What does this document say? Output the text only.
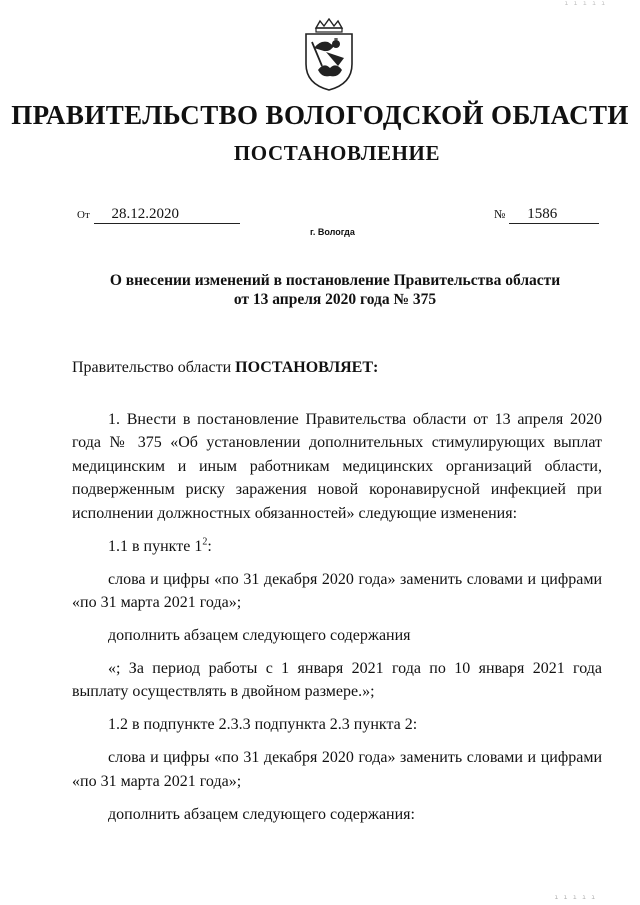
ı ı ı ı ı
ПРАВИТЕЛЬСТВО ВОЛОГОДСКОЙ ОБЛАСТИ
ПОСТАНОВЛЕНИЕ
От 28.12.2020	№ 1586
г. Вологда
О внесении изменений в постановление Правительства области
от 13 апреля 2020 года № 375
Правительство области ПОСТАНОВЛЯЕТ:

1. Внести в постановление Правительства области от 13 апреля 2020 года № 375 «Об установлении дополнительных стимулирующих выплат медицинским и иным работникам медицинских организаций области, подверженным риску заражения новой коронавирусной инфекцией при исполнении должностных обязанностей» следующие изменения:

1.1 в пункте $1^2$:

слова и цифры «по 31 декабря 2020 года» заменить словами и цифрами «по 31 марта 2021 года»;

дополнить абзацем следующего содержания

«; За период работы с 1 января 2021 года по 10 января 2021 года выплату осуществлять в двойном размере.»;

1.2 в подпункте 2.3.3 подпункта 2.3 пункта 2:

слова и цифры «по 31 декабря 2020 года» заменить словами и цифрами «по 31 марта 2021 года»;

дополнить абзацем следующего содержания:

ı ı ı ı ı
